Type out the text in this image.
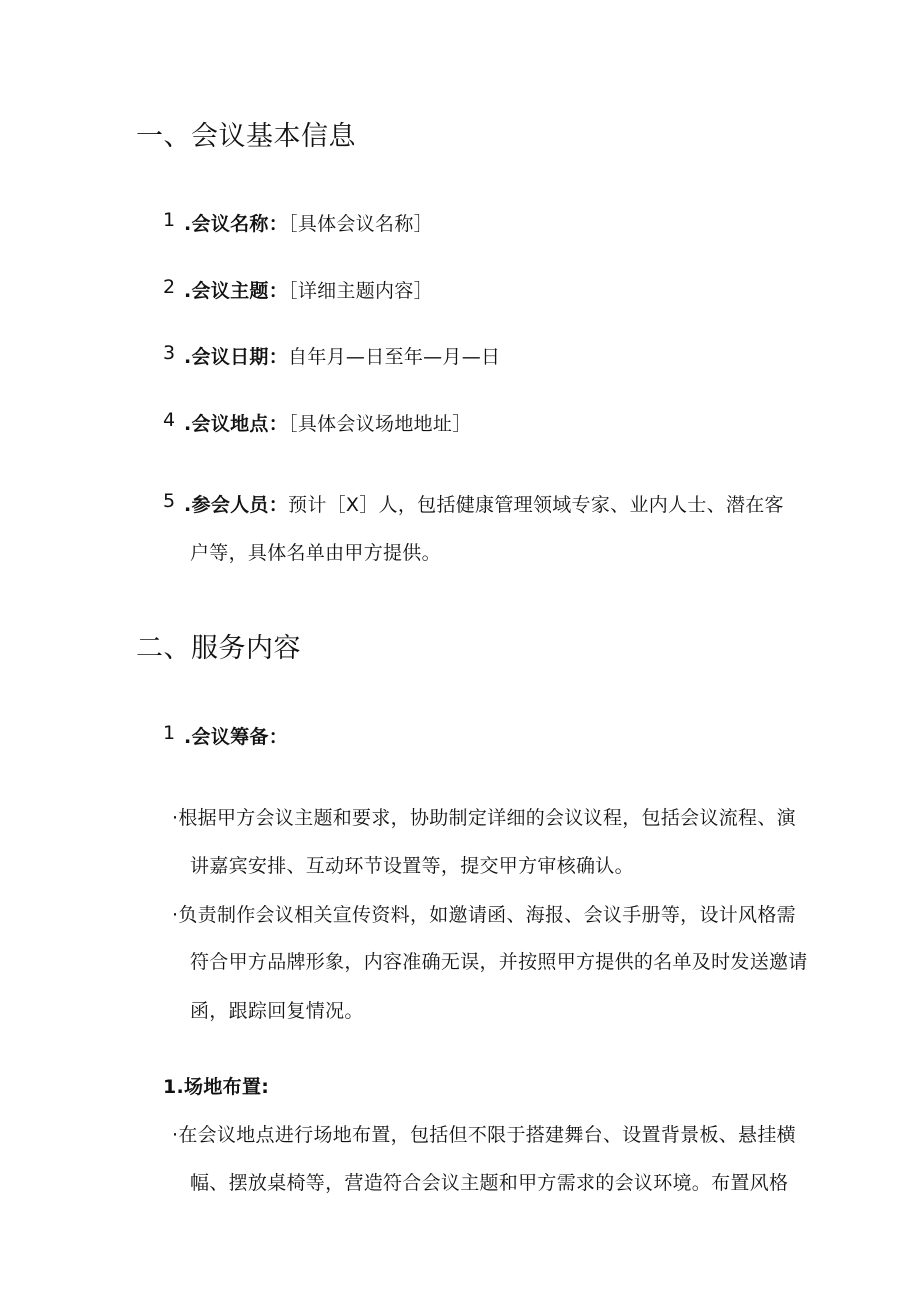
一、会议基本信息
1 .会议名称：［具体会议名称］
2 .会议主题：［详细主题内容］
3 .会议日期：自年月—日至年—月—日
4 .会议地点：［具体会议场地地址］
5 .参会人员：预计［X］人，包括健康管理领域专家、业内人士、潜在客
户等，具体名单由甲方提供。
二、服务内容
1 .会议筹备：
·根据甲方会议主题和要求，协助制定详细的会议议程，包括会议流程、演
讲嘉宾安排、互动环节设置等，提交甲方审核确认。
·负责制作会议相关宣传资料，如邀请函、海报、会议手册等，设计风格需
符合甲方品牌形象，内容准确无误，并按照甲方提供的名单及时发送邀请
函，跟踪回复情况。
1.场地布置:
·在会议地点进行场地布置，包括但不限于搭建舞台、设置背景板、悬挂横
幅、摆放桌椅等，营造符合会议主题和甲方需求的会议环境。布置风格
